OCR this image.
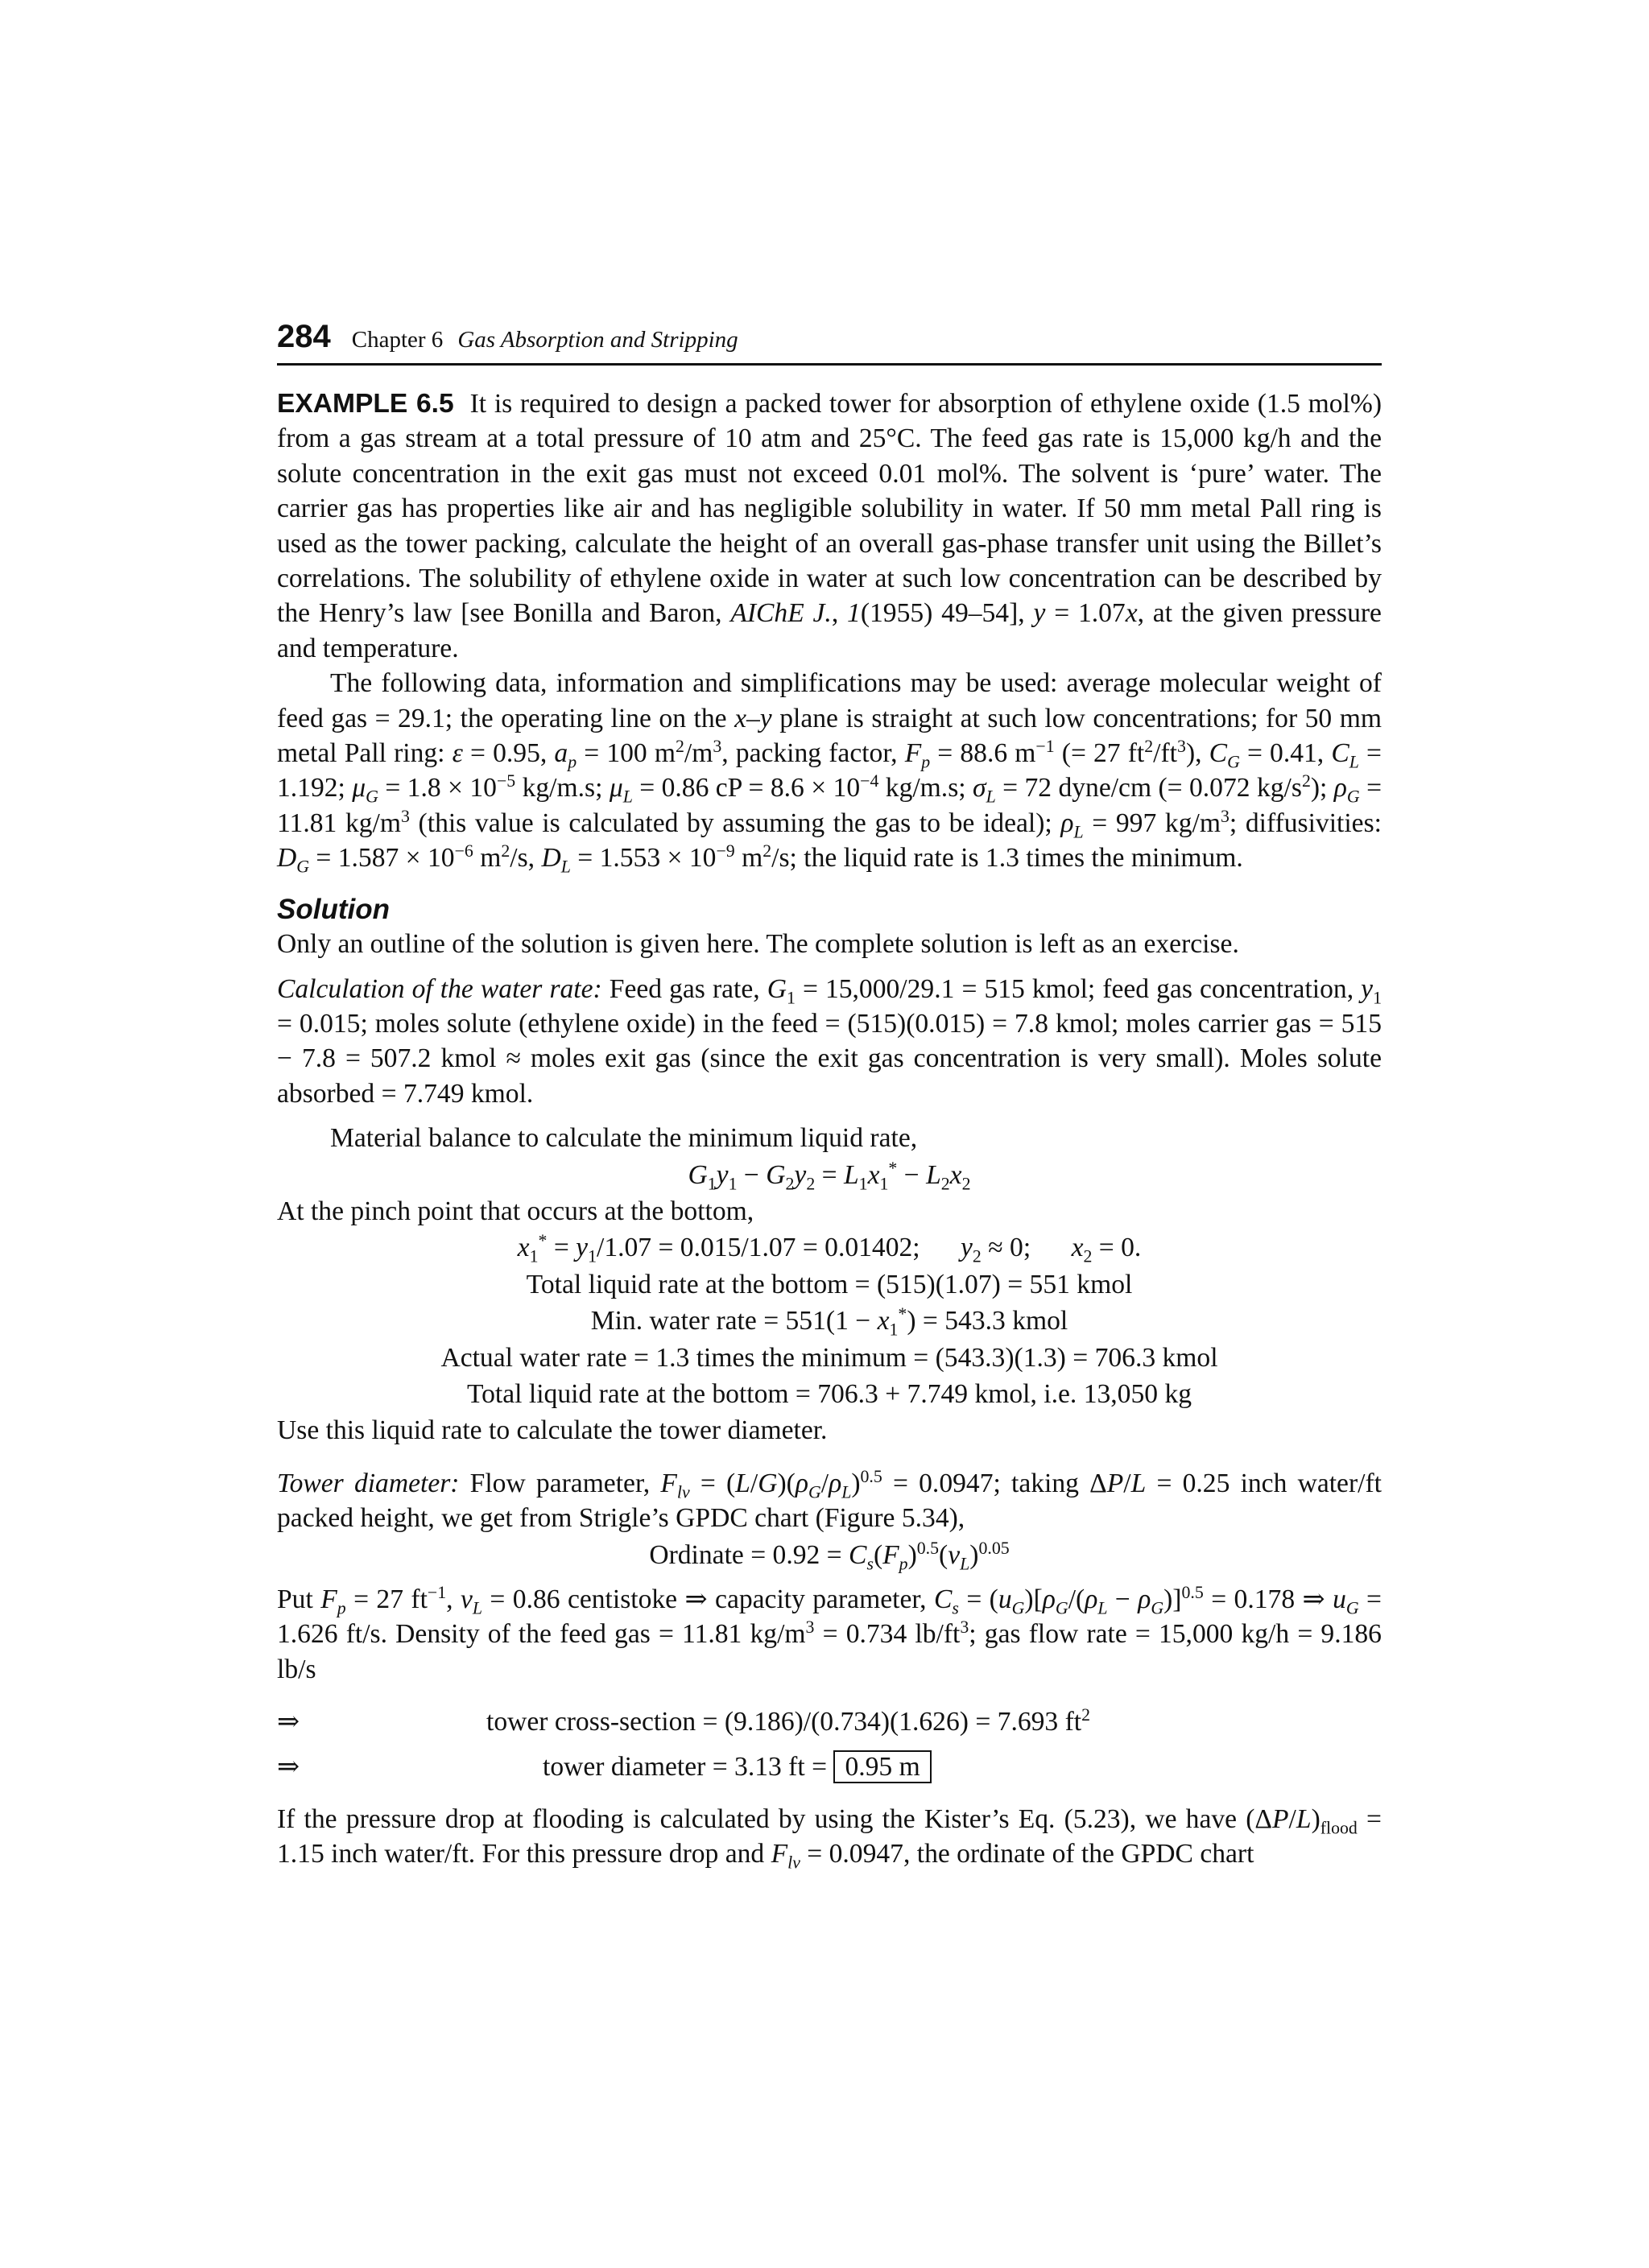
284 Chapter 6 Gas Absorption and Stripping

EXAMPLE 6.5 It is required to design a packed tower for absorption of ethylene oxide (1.5 mol%) from a gas stream at a total pressure of 10 atm and 25°C. The feed gas rate is 15,000 kg/h and the solute concentration in the exit gas must not exceed 0.01 mol%. The solvent is ‘pure’ water. The carrier gas has properties like air and has negligible solubility in water. If 50 mm metal Pall ring is used as the tower packing, calculate the height of an overall gas-phase transfer unit using the Billet’s correlations. The solubility of ethylene oxide in water at such low concentration can be described by the Henry’s law [see Bonilla and Baron, AIChE J., 1(1955) 49–54], y = 1.07x, at the given pressure and temperature.

The following data, information and simplifications may be used: average molecular weight of feed gas = 29.1; the operating line on the x–y plane is straight at such low concentrations; for 50 mm metal Pall ring: ε = 0.95, $a_p = 100$ $m^2/m^3$, packing factor, $F_p = 88.6$ $m^{-1}$ (= 27 $ft^2/ft^3$), $C_G = 0.41$, $C_L = 1.192$; $\mu_G = 1.8 \times 10^{-5}$ kg/m.s; $\mu_L = 0.86$ cP = $8.6 \times 10^{-4}$ kg/m.s; $\sigma_L = 72$ dyne/cm (= 0.072 $kg/s^2$); $\rho_G = 11.81$ $kg/m^3$ (this value is calculated by assuming the gas to be ideal); $\rho_L = 997$ $kg/m^3$; diffusivities: $D_G = 1.587 \times 10^{-6}$ $m^2/s$, $D_L = 1.553 \times 10^{-9}$ $m^2/s$; the liquid rate is 1.3 times the minimum.

Solution

Only an outline of the solution is given here. The complete solution is left as an exercise.

Calculation of the water rate: Feed gas rate, $G_1 = 15,000/29.1 = 515$ kmol; feed gas concentration, $y_1 = 0.015$; moles solute (ethylene oxide) in the feed = (515)(0.015) = 7.8 kmol; moles carrier gas = 515 − 7.8 = 507.2 kmol ≈ moles exit gas (since the exit gas concentration is very small). Moles solute absorbed = 7.749 kmol.

Material balance to calculate the minimum liquid rate,

$G_1y_1 - G_2y_2 = L_1x_1^* - L_2x_2$

At the pinch point that occurs at the bottom,

$x_1^* = y_1/1.07 = 0.015/1.07 = 0.01402$; $y_2 \approx 0$; $x_2 = 0$.
Total liquid rate at the bottom = (515)(1.07) = 551 kmol
Min. water rate = $551(1 - x_1^*) = 543.3$ kmol
Actual water rate = 1.3 times the minimum = (543.3)(1.3) = 706.3 kmol
Total liquid rate at the bottom = 706.3 + 7.749 kmol, i.e. 13,050 kg

Use this liquid rate to calculate the tower diameter.

Tower diameter: Flow parameter, $F_{lv} = (L/G)(\rho_G/\rho_L)^{0.5} = 0.0947$; taking ΔP/L = 0.25 inch water/ft packed height, we get from Strigle’s GPDC chart (Figure 5.34),

Ordinate = $0.92 = C_s(F_p)^{0.5}(\nu_L)^{0.05}$

Put $F_p = 27$ $ft^{-1}$, $\nu_L = 0.86$ centistoke ⇒ capacity parameter, $C_s = (u_G)[\rho_G/(\rho_L - \rho_G)]^{0.5} = 0.178$ ⇒ $u_G = 1.626$ ft/s. Density of the feed gas = 11.81 $kg/m^3 = 0.734$ $lb/ft^3$; gas flow rate = 15,000 kg/h = 9.186 lb/s

⇒	tower cross-section = (9.186)/(0.734)(1.626) = 7.693 $ft^2$
⇒	tower diameter = 3.13 ft = 0.95 m

If the pressure drop at flooding is calculated by using the Kister’s Eq. (5.23), we have $(\Delta P/L)_{flood} = 1.15$ inch water/ft. For this pressure drop and $F_{lv} = 0.0947$, the ordinate of the GPDC chart
